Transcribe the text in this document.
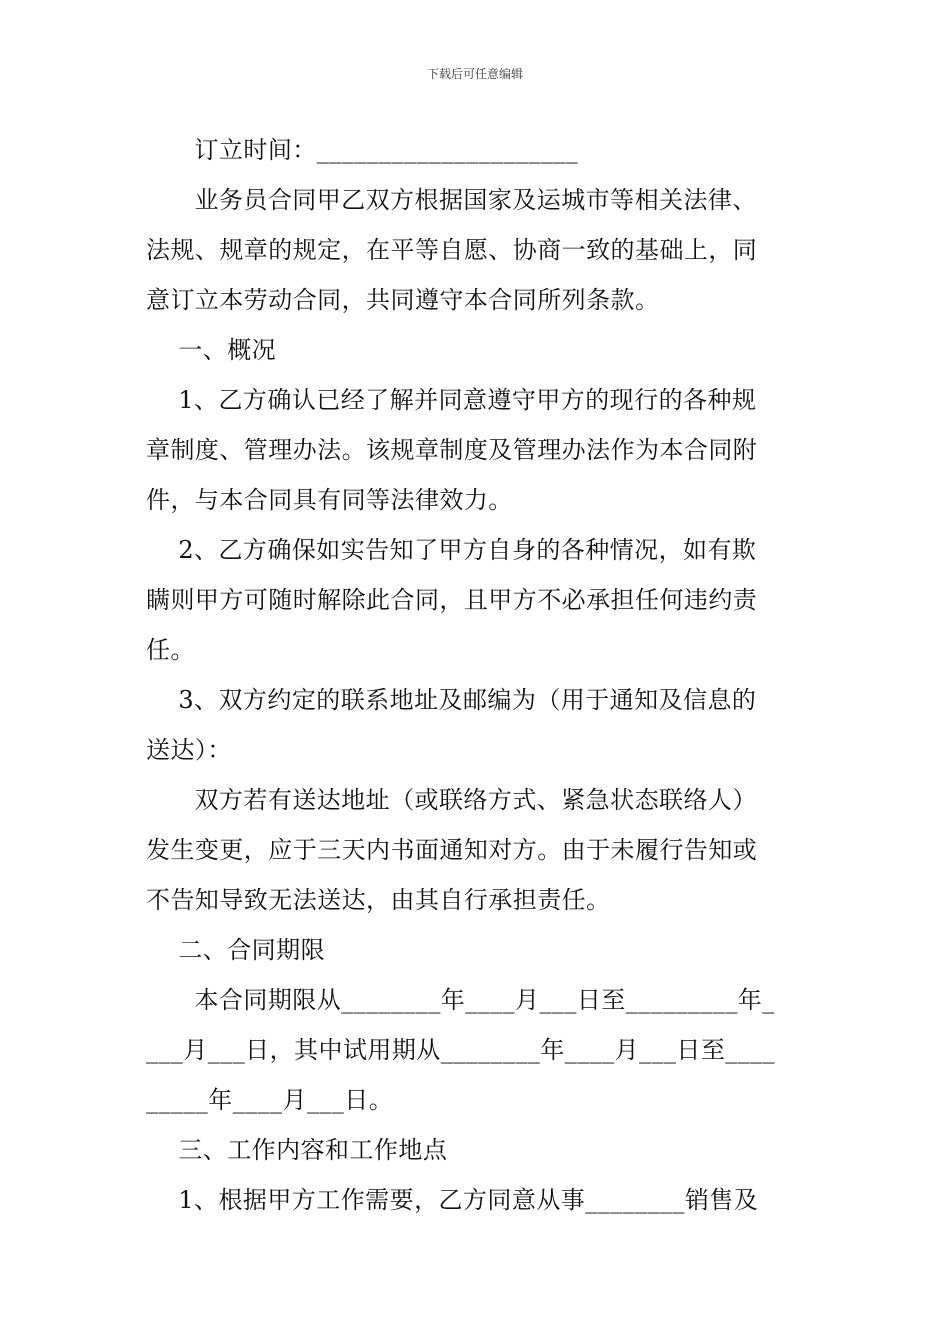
下载后可任意编辑
订立时间：_____________________
业务员合同甲乙双方根据国家及运城市等相关法律、
法规、规章的规定，在平等自愿、协商一致的基础上，同
意订立本劳动合同，共同遵守本合同所列条款。
一、概况
1、乙方确认已经了解并同意遵守甲方的现行的各种规
章制度、管理办法。该规章制度及管理办法作为本合同附
件，与本合同具有同等法律效力。
2、乙方确保如实告知了甲方自身的各种情况，如有欺
瞒则甲方可随时解除此合同，且甲方不必承担任何违约责
任。
3、双方约定的联系地址及邮编为（用于通知及信息的
送达）：
双方若有送达地址（或联络方式、紧急状态联络人）
发生变更，应于三天内书面通知对方。由于未履行告知或
不告知导致无法送达，由其自行承担责任。
二、合同期限
本合同期限从________年____月___日至_________年_
___月___日，其中试用期从________年____月___日至____
_____年____月___日。
三、工作内容和工作地点
1、根据甲方工作需要，乙方同意从事________销售及
